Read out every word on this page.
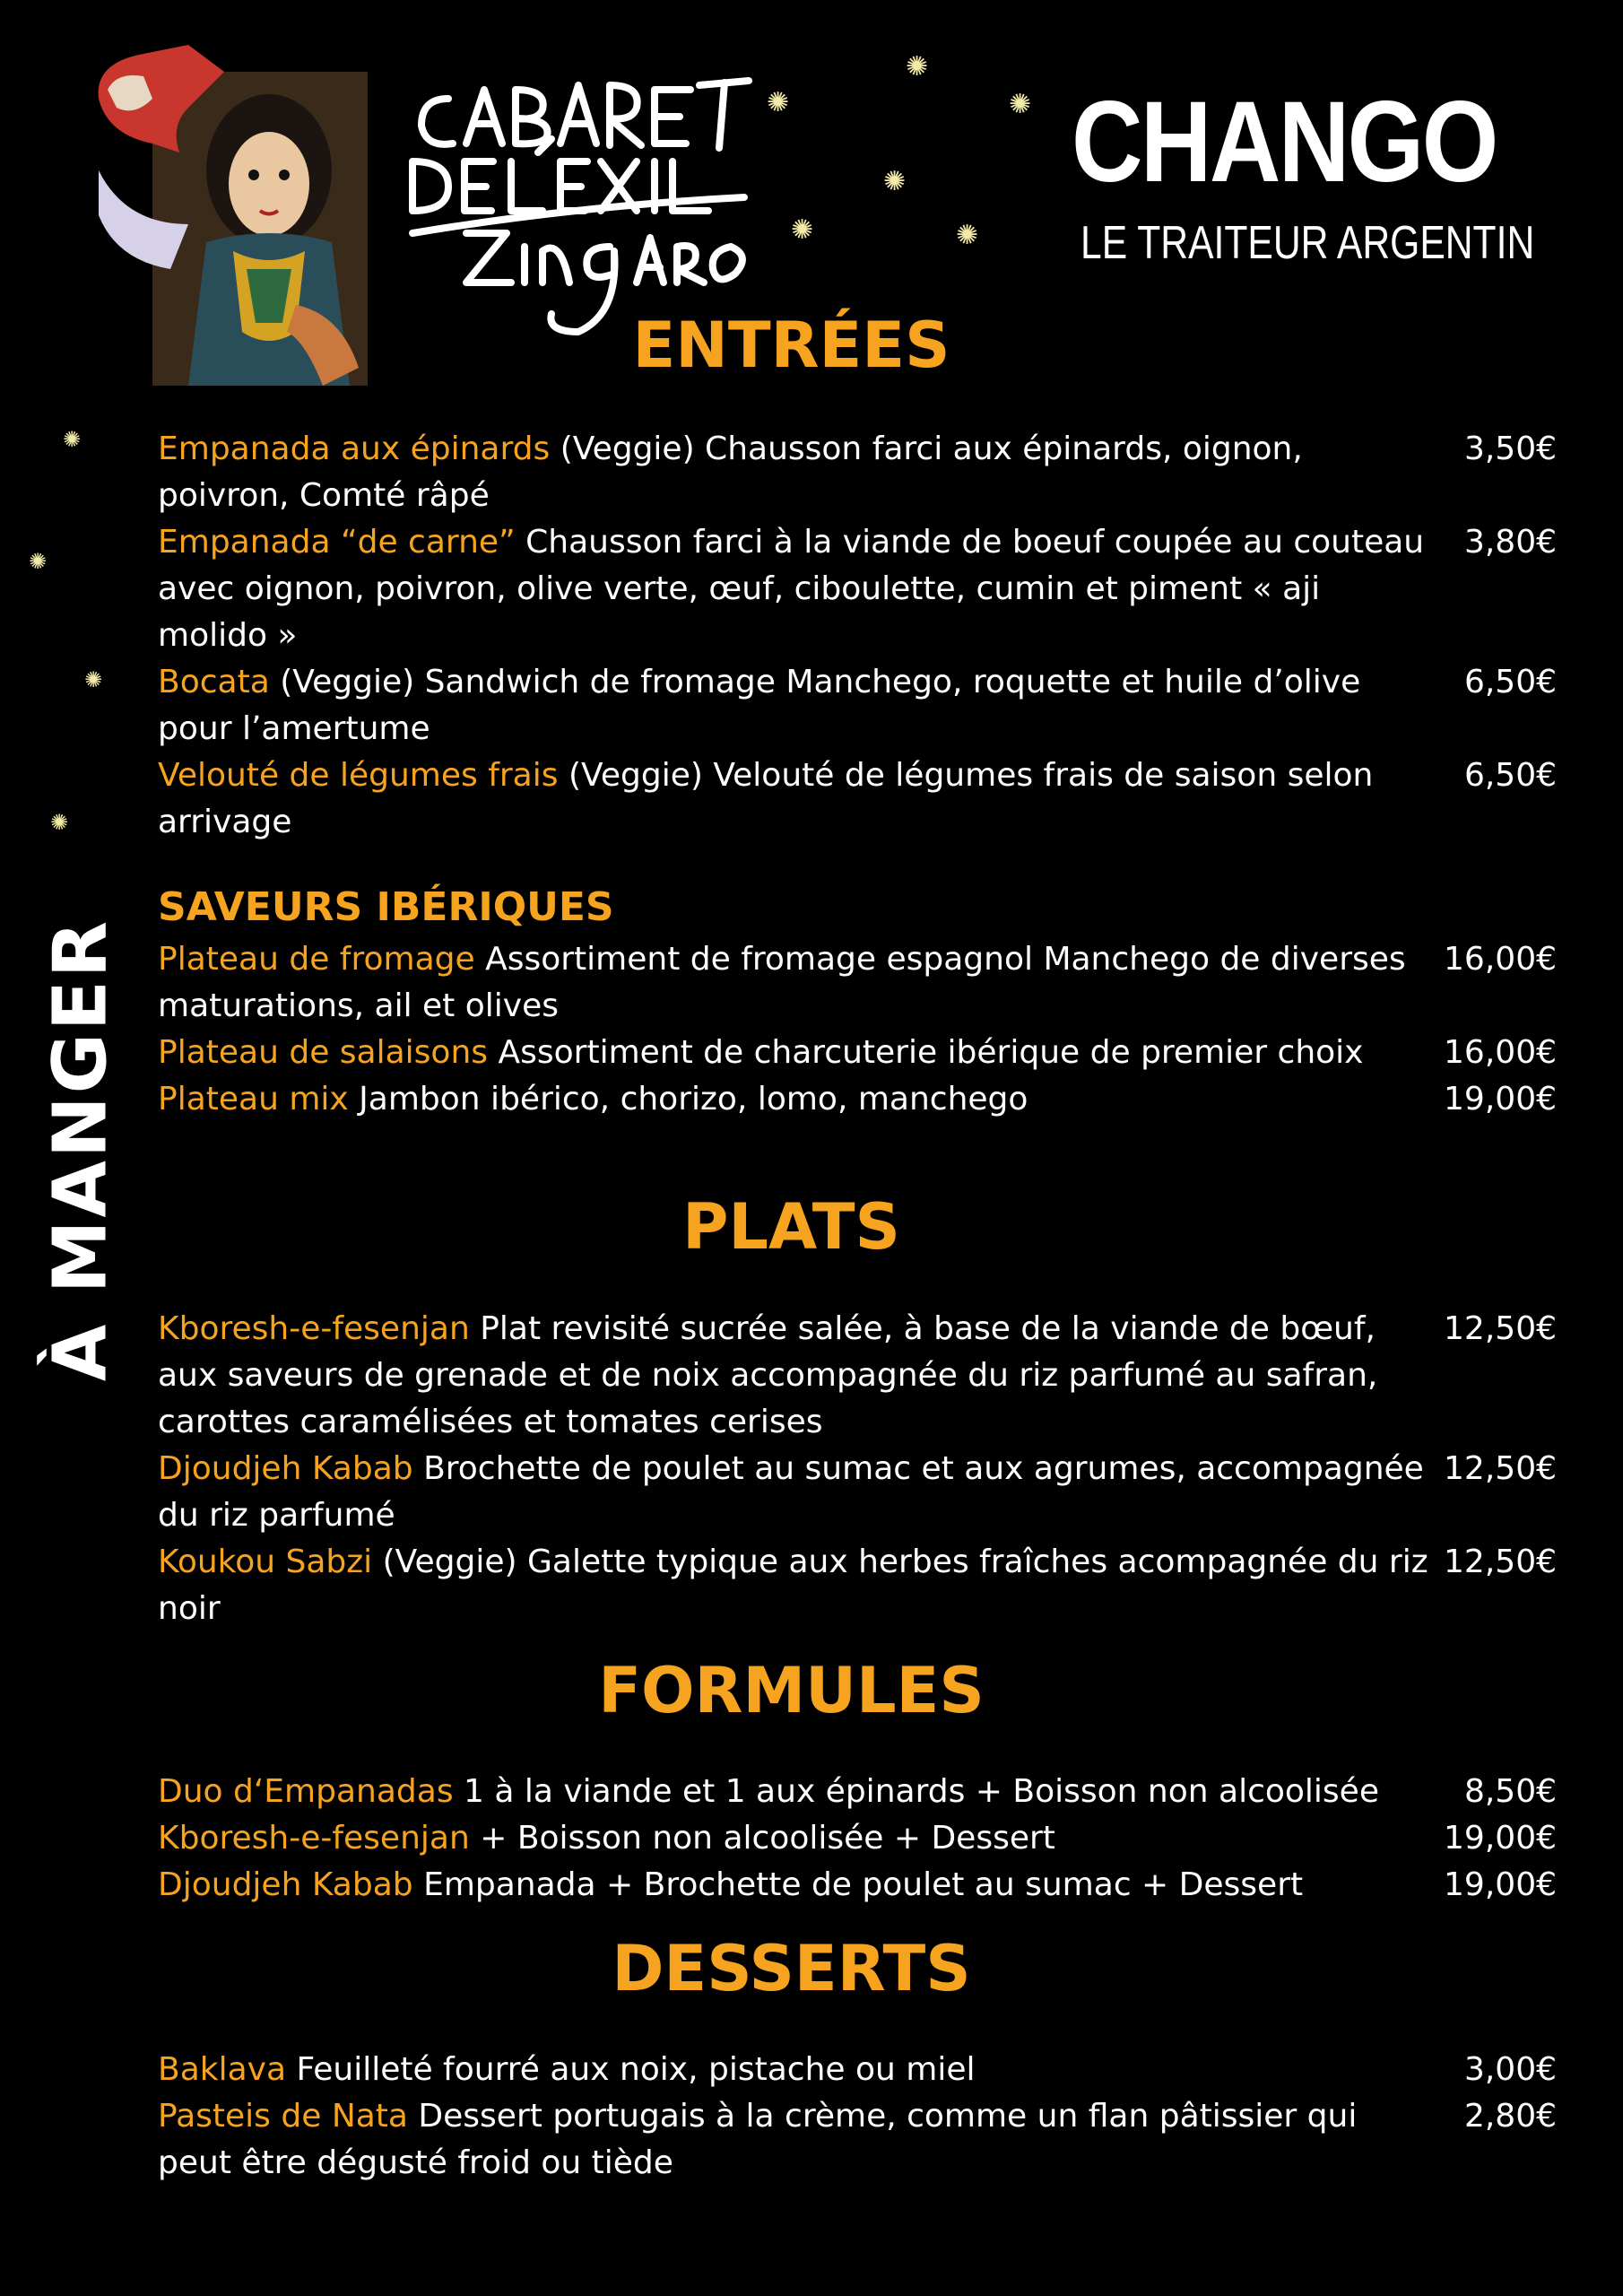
✺
✺	✺
✺
✺	✺
✺
✺
✺
✺
CHANGO
LE TRAITEUR ARGENTIN
À MANGER
ENTRÉES
Empanada aux épinards (Veggie) Chausson farci aux épinards, oignon, poivron, Comté râpé
3,50€
Empanada “de carne” Chausson farci à la viande de boeuf coupée au couteau avec oignon, poivron, olive verte, œuf, ciboulette, cumin et piment « aji molido »
3,80€
Bocata (Veggie) Sandwich de fromage Manchego, roquette et huile d’olive pour l’amertume
6,50€
Velouté de légumes frais (Veggie) Velouté de légumes frais de saison selon arrivage
6,50€
SAVEURS IBÉRIQUES
Plateau de fromage Assortiment de fromage espagnol Manchego de diverses maturations, ail et olives
16,00€
Plateau de salaisons Assortiment de charcuterie ibérique de premier choix 16,00€
Plateau mix Jambon ibérico, chorizo, lomo, manchego	19,00€
PLATS
Kboresh-e-fesenjan Plat revisité sucrée salée, à base de la viande de bœuf, aux saveurs de grenade et de noix accompagnée du riz parfumé au safran, carottes caramélisées et tomates cerises
12,50€
Djoudjeh Kabab Brochette de poulet au sumac et aux agrumes, accompagnée du riz parfumé
12,50€
Koukou Sabzi (Veggie) Galette typique aux herbes fraîches acompagnée du riz noir
12,50€
FORMULES
Duo d‘Empanadas 1 à la viande et 1 aux épinards + Boisson non alcoolisée	8,50€
Kboresh-e-fesenjan + Boisson non alcoolisée + Dessert	19,00€
Djoudjeh Kabab Empanada + Brochette de poulet au sumac + Dessert	19,00€
DESSERTS
Baklava Feuilleté fourré aux noix, pistache ou miel	3,00€
Pasteis de Nata Dessert portugais à la crème, comme un flan pâtissier qui peut être dégusté froid ou tiède
2,80€
